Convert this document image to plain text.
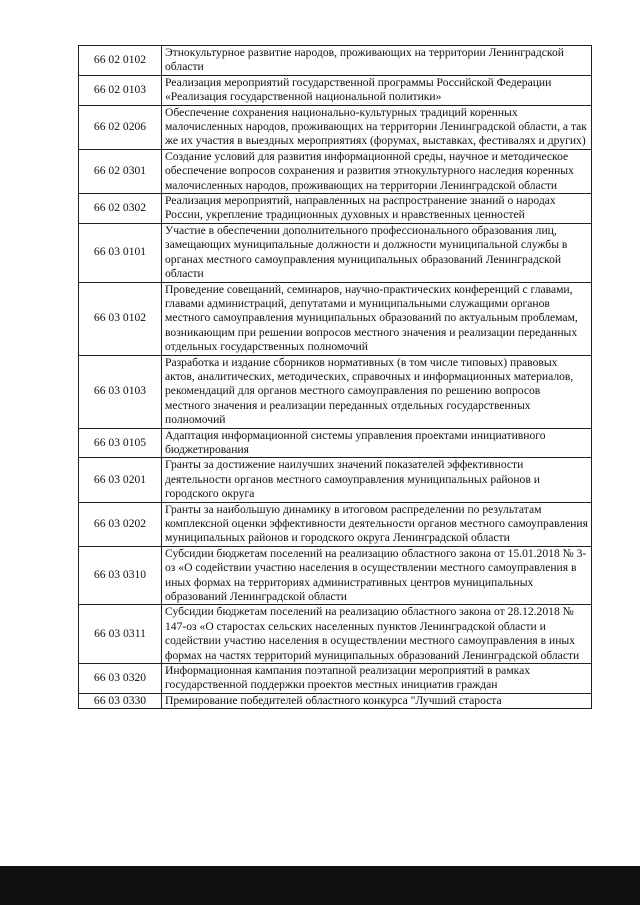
66 02 0102	Этнокультурное развитие народов, проживающих на территории Ленинградской области
66 02 0103	Реализация мероприятий государственной программы Российской Федерации «Реализация государственной национальной политики»
66 02 0206	Обеспечение сохранения национально-культурных традиций коренных малочисленных народов, проживающих на территории Ленинградской области, а так же их участия в выездных мероприятиях (форумах, выставках, фестивалях и других)
66 02 0301	Создание условий для развития информационной среды, научное и методическое обеспечение вопросов сохранения и развития этнокультурного наследия коренных малочисленных народов, проживающих на территории Ленинградской области
66 02 0302	Реализация мероприятий, направленных на распространение знаний о народах России, укрепление традиционных духовных и нравственных ценностей
66 03 0101	Участие в обеспечении дополнительного профессионального образования лиц, замещающих муниципальные должности и должности муниципальной службы в органах местного самоуправления муниципальных образований Ленинградской области
66 03 0102	Проведение совещаний, семинаров, научно-практических конференций с главами, главами администраций, депутатами и муниципальными служащими органов местного самоуправления муниципальных образований по актуальным проблемам, возникающим при решении вопросов местного значения и реализации переданных отдельных государственных полномочий
66 03 0103	Разработка и издание сборников нормативных (в том числе типовых) правовых актов, аналитических, методических, справочных и информационных материалов, рекомендаций для органов местного самоуправления по решению вопросов местного значения и реализации переданных отдельных государственных полномочий
66 03 0105	Адаптация информационной системы управления проектами инициативного бюджетирования
66 03 0201	Гранты за достижение наилучших значений показателей эффективности деятельности органов местного самоуправления муниципальных районов и городского округа
66 03 0202	Гранты за наибольшую динамику в итоговом распределении по результатам комплексной оценки эффективности деятельности органов местного самоуправления муниципальных районов и городского округа Ленинградской области
66 03 0310	Субсидии бюджетам поселений на реализацию областного закона от 15.01.2018 № 3-оз «О содействии участию населения в осуществлении местного самоуправления в иных формах на территориях административных центров муниципальных образований Ленинградской области
66 03 0311	Субсидии бюджетам поселений на реализацию областного закона от 28.12.2018 № 147-оз «О старостах сельских населенных пунктов Ленинградской области и содействии участию населения в осуществлении местного самоуправления в иных формах на частях территорий муниципальных образований Ленинградской области
66 03 0320	Информационная кампания поэтапной реализации мероприятий в рамках государственной поддержки проектов местных инициатив граждан
66 03 0330	Премирование победителей областного конкурса "Лучший староста
